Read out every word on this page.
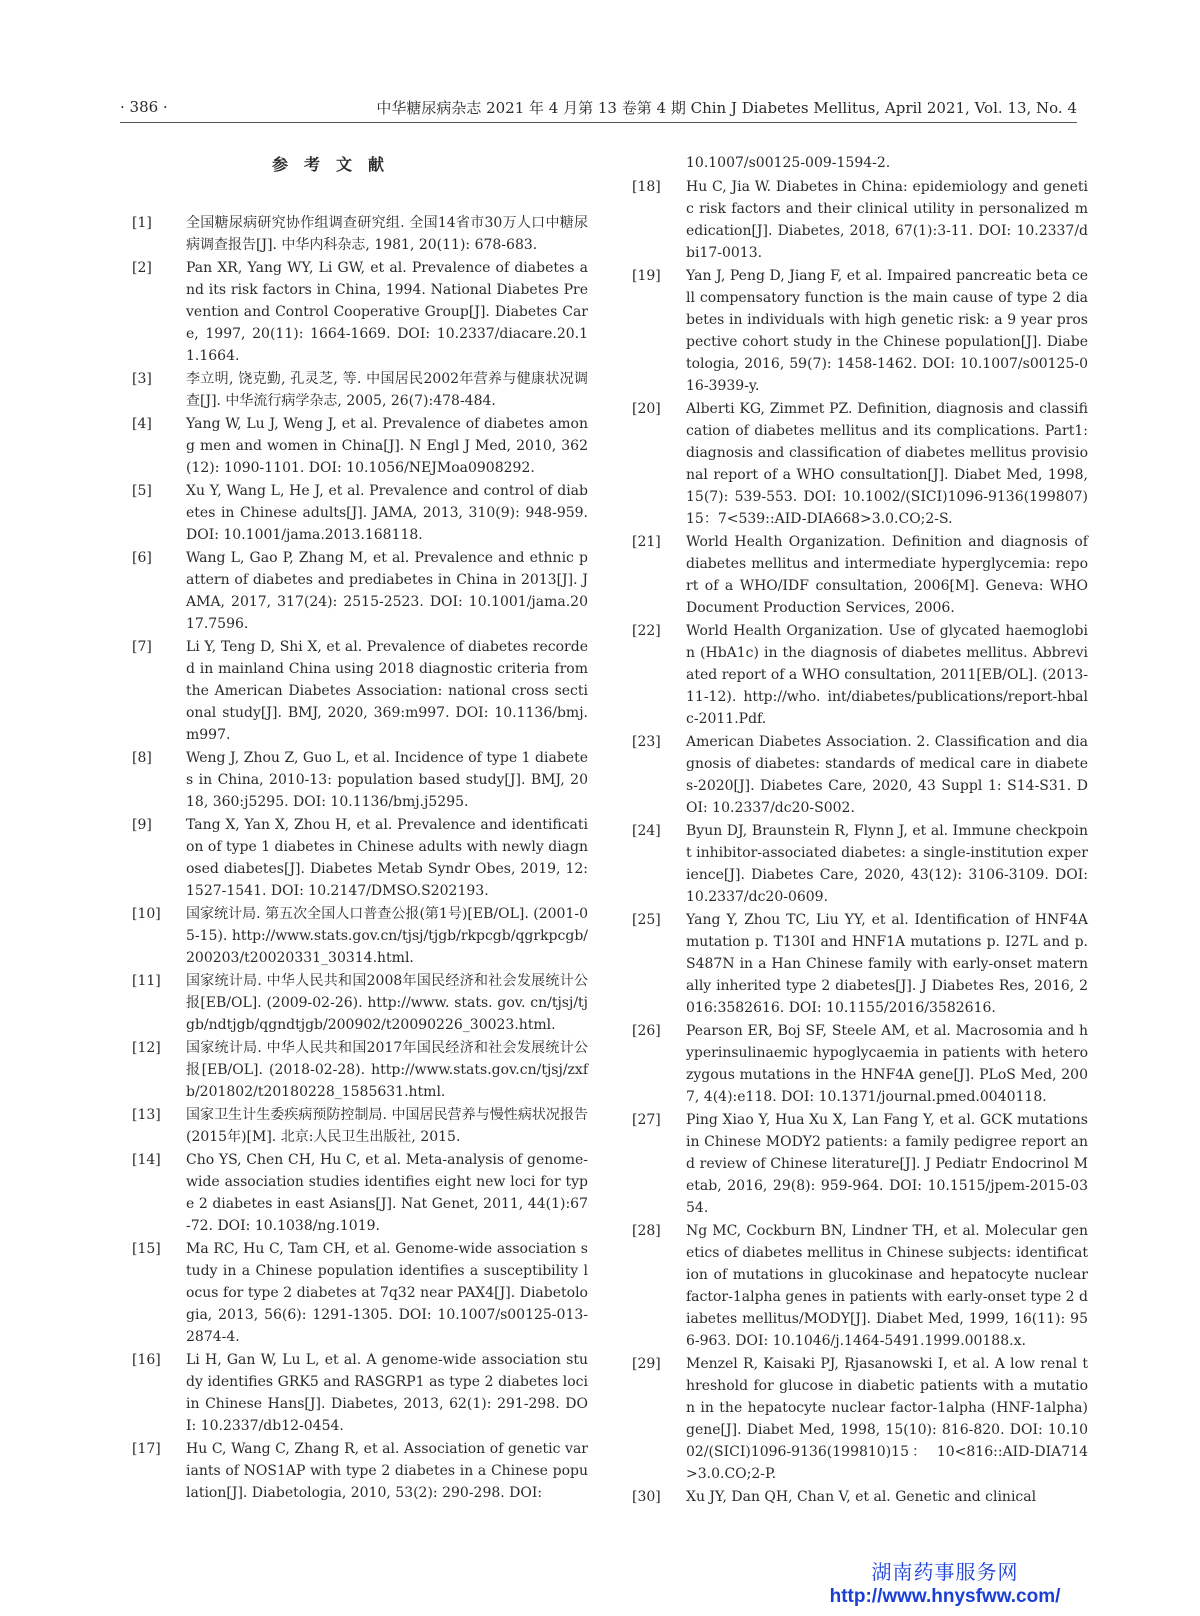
· 386 ·	中华糖尿病杂志 2021 年 4 月第 13 卷第 4 期 Chin J Diabetes Mellitus, April 2021, Vol. 13, No. 4
参考文献
[1] 全国糖尿病研究协作组调查研究组. 全国14省市30万人口中糖尿病调查报告[J]. 中华内科杂志, 1981, 20(11): 678-683.
[2] Pan XR, Yang WY, Li GW, et al. Prevalence of diabetes and its risk factors in China, 1994. National Diabetes Prevention and Control Cooperative Group[J]. Diabetes Care, 1997, 20(11): 1664-1669. DOI: 10.2337/diacare.20.11.1664.
[3] 李立明, 饶克勤, 孔灵芝, 等. 中国居民2002年营养与健康状况调查[J]. 中华流行病学杂志, 2005, 26(7):478-484.
[4] Yang W, Lu J, Weng J, et al. Prevalence of diabetes among men and women in China[J]. N Engl J Med, 2010, 362(12): 1090-1101. DOI: 10.1056/NEJMoa0908292.
[5] Xu Y, Wang L, He J, et al. Prevalence and control of diabetes in Chinese adults[J]. JAMA, 2013, 310(9): 948-959. DOI: 10.1001/jama.2013.168118.
[6] Wang L, Gao P, Zhang M, et al. Prevalence and ethnic pattern of diabetes and prediabetes in China in 2013[J]. JAMA, 2017, 317(24): 2515-2523. DOI: 10.1001/jama.2017.7596.
[7] Li Y, Teng D, Shi X, et al. Prevalence of diabetes recorded in mainland China using 2018 diagnostic criteria from the American Diabetes Association: national cross sectional study[J]. BMJ, 2020, 369:m997. DOI: 10.1136/bmj.m997.
[8] Weng J, Zhou Z, Guo L, et al. Incidence of type 1 diabetes in China, 2010-13: population based study[J]. BMJ, 2018, 360:j5295. DOI: 10.1136/bmj.j5295.
[9] Tang X, Yan X, Zhou H, et al. Prevalence and identification of type 1 diabetes in Chinese adults with newly diagnosed diabetes[J]. Diabetes Metab Syndr Obes, 2019, 12: 1527-1541. DOI: 10.2147/DMSO.S202193.
[10] 国家统计局. 第五次全国人口普查公报(第1号)[EB/OL]. (2001-05-15). http://www.stats.gov.cn/tjsj/tjgb/rkpcgb/qgrkpcgb/200203/t20020331_30314.html.
[11] 国家统计局. 中华人民共和国2008年国民经济和社会发展统计公报[EB/OL]. (2009-02-26). http://www. stats. gov. cn/tjsj/tjgb/ndtjgb/qgndtjgb/200902/t20090226_30023.html.
[12] 国家统计局. 中华人民共和国2017年国民经济和社会发展统计公报[EB/OL]. (2018-02-28). http://www.stats.gov.cn/tjsj/zxfb/201802/t20180228_1585631.html.
[13] 国家卫生计生委疾病预防控制局. 中国居民营养与慢性病状况报告(2015年)[M]. 北京:人民卫生出版社, 2015.
[14] Cho YS, Chen CH, Hu C, et al. Meta-analysis of genome-wide association studies identifies eight new loci for type 2 diabetes in east Asians[J]. Nat Genet, 2011, 44(1):67-72. DOI: 10.1038/ng.1019.
[15] Ma RC, Hu C, Tam CH, et al. Genome-wide association study in a Chinese population identifies a susceptibility locus for type 2 diabetes at 7q32 near PAX4[J]. Diabetologia, 2013, 56(6): 1291-1305. DOI: 10.1007/s00125-013-2874-4.
[16] Li H, Gan W, Lu L, et al. A genome-wide association study identifies GRK5 and RASGRP1 as type 2 diabetes loci in Chinese Hans[J]. Diabetes, 2013, 62(1): 291-298. DOI: 10.2337/db12-0454.
[17] Hu C, Wang C, Zhang R, et al. Association of genetic variants of NOS1AP with type 2 diabetes in a Chinese population[J]. Diabetologia, 2010, 53(2): 290-298. DOI:
10.1007/s00125-009-1594-2.
[18] Hu C, Jia W. Diabetes in China: epidemiology and genetic risk factors and their clinical utility in personalized medication[J]. Diabetes, 2018, 67(1):3-11. DOI: 10.2337/dbi17-0013.
[19] Yan J, Peng D, Jiang F, et al. Impaired pancreatic beta cell compensatory function is the main cause of type 2 diabetes in individuals with high genetic risk: a 9 year prospective cohort study in the Chinese population[J]. Diabetologia, 2016, 59(7): 1458-1462. DOI: 10.1007/s00125-016-3939-y.
[20] Alberti KG, Zimmet PZ. Definition, diagnosis and classification of diabetes mellitus and its complications. Part1: diagnosis and classification of diabetes mellitus provisional report of a WHO consultation[J]. Diabet Med, 1998, 15(7): 539-553. DOI: 10.1002/(SICI)1096-9136(199807)15：7<539::AID-DIA668>3.0.CO;2-S.
[21] World Health Organization. Definition and diagnosis of diabetes mellitus and intermediate hyperglycemia: report of a WHO/IDF consultation, 2006[M]. Geneva: WHO Document Production Services, 2006.
[22] World Health Organization. Use of glycated haemoglobin (HbA1c) in the diagnosis of diabetes mellitus. Abbreviated report of a WHO consultation, 2011[EB/OL]. (2013-11-12). http://who. int/diabetes/publications/report-hbalc-2011.Pdf.
[23] American Diabetes Association. 2. Classification and diagnosis of diabetes: standards of medical care in diabetes-2020[J]. Diabetes Care, 2020, 43 Suppl 1: S14-S31. DOI: 10.2337/dc20-S002.
[24] Byun DJ, Braunstein R, Flynn J, et al. Immune checkpoint inhibitor-associated diabetes: a single-institution experience[J]. Diabetes Care, 2020, 43(12): 3106-3109. DOI: 10.2337/dc20-0609.
[25] Yang Y, Zhou TC, Liu YY, et al. Identification of HNF4A mutation p. T130I and HNF1A mutations p. I27L and p. S487N in a Han Chinese family with early-onset maternally inherited type 2 diabetes[J]. J Diabetes Res, 2016, 2016:3582616. DOI: 10.1155/2016/3582616.
[26] Pearson ER, Boj SF, Steele AM, et al. Macrosomia and hyperinsulinaemic hypoglycaemia in patients with heterozygous mutations in the HNF4A gene[J]. PLoS Med, 2007, 4(4):e118. DOI: 10.1371/journal.pmed.0040118.
[27] Ping Xiao Y, Hua Xu X, Lan Fang Y, et al. GCK mutations in Chinese MODY2 patients: a family pedigree report and review of Chinese literature[J]. J Pediatr Endocrinol Metab, 2016, 29(8): 959-964. DOI: 10.1515/jpem-2015-0354.
[28] Ng MC, Cockburn BN, Lindner TH, et al. Molecular genetics of diabetes mellitus in Chinese subjects: identification of mutations in glucokinase and hepatocyte nuclear factor-1alpha genes in patients with early-onset type 2 diabetes mellitus/MODY[J]. Diabet Med, 1999, 16(11): 956-963. DOI: 10.1046/j.1464-5491.1999.00188.x.
[29] Menzel R, Kaisaki PJ, Rjasanowski I, et al. A low renal threshold for glucose in diabetic patients with a mutation in the hepatocyte nuclear factor-1alpha (HNF-1alpha) gene[J]. Diabet Med, 1998, 15(10): 816-820. DOI: 10.1002/(SICI)1096-9136(199810)15： 10<816::AID-DIA714>3.0.CO;2-P.
[30] Xu JY, Dan QH, Chan V, et al. Genetic and clinical
湖南药事服务网
http://www.hnysfww.com/
